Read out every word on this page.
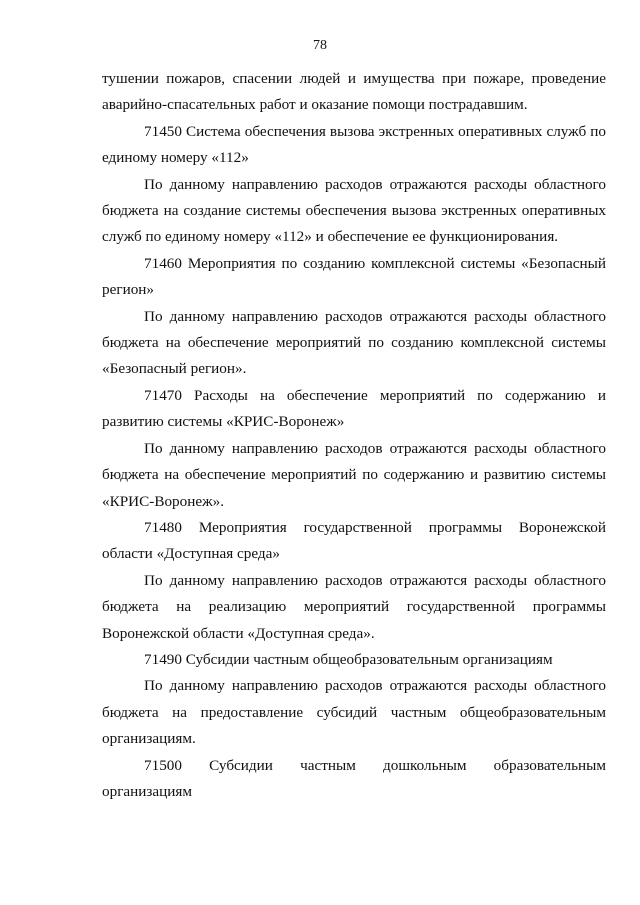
78

тушении пожаров, спасении людей и имущества при пожаре, проведение аварийно-спасательных работ и оказание помощи пострадавшим.

71450 Система обеспечения вызова экстренных оперативных служб по единому номеру «112»

По данному направлению расходов отражаются расходы областного бюджета на создание системы обеспечения вызова экстренных оперативных служб по единому номеру «112» и обеспечение ее функционирования.

71460 Мероприятия по созданию комплексной системы «Безопасный регион»

По данному направлению расходов отражаются расходы областного бюджета на обеспечение мероприятий по созданию комплексной системы «Безопасный регион».

71470 Расходы на обеспечение мероприятий по содержанию и развитию системы «КРИС-Воронеж»

По данному направлению расходов отражаются расходы областного бюджета на обеспечение мероприятий по содержанию и развитию системы «КРИС-Воронеж».

71480 Мероприятия государственной программы Воронежской области «Доступная среда»

По данному направлению расходов отражаются расходы областного бюджета на реализацию мероприятий государственной программы Воронежской области «Доступная среда».

71490 Субсидии частным общеобразовательным организациям

По данному направлению расходов отражаются расходы областного бюджета на предоставление субсидий частным общеобразовательным организациям.

71500 Субсидии частным дошкольным образовательным организациям
